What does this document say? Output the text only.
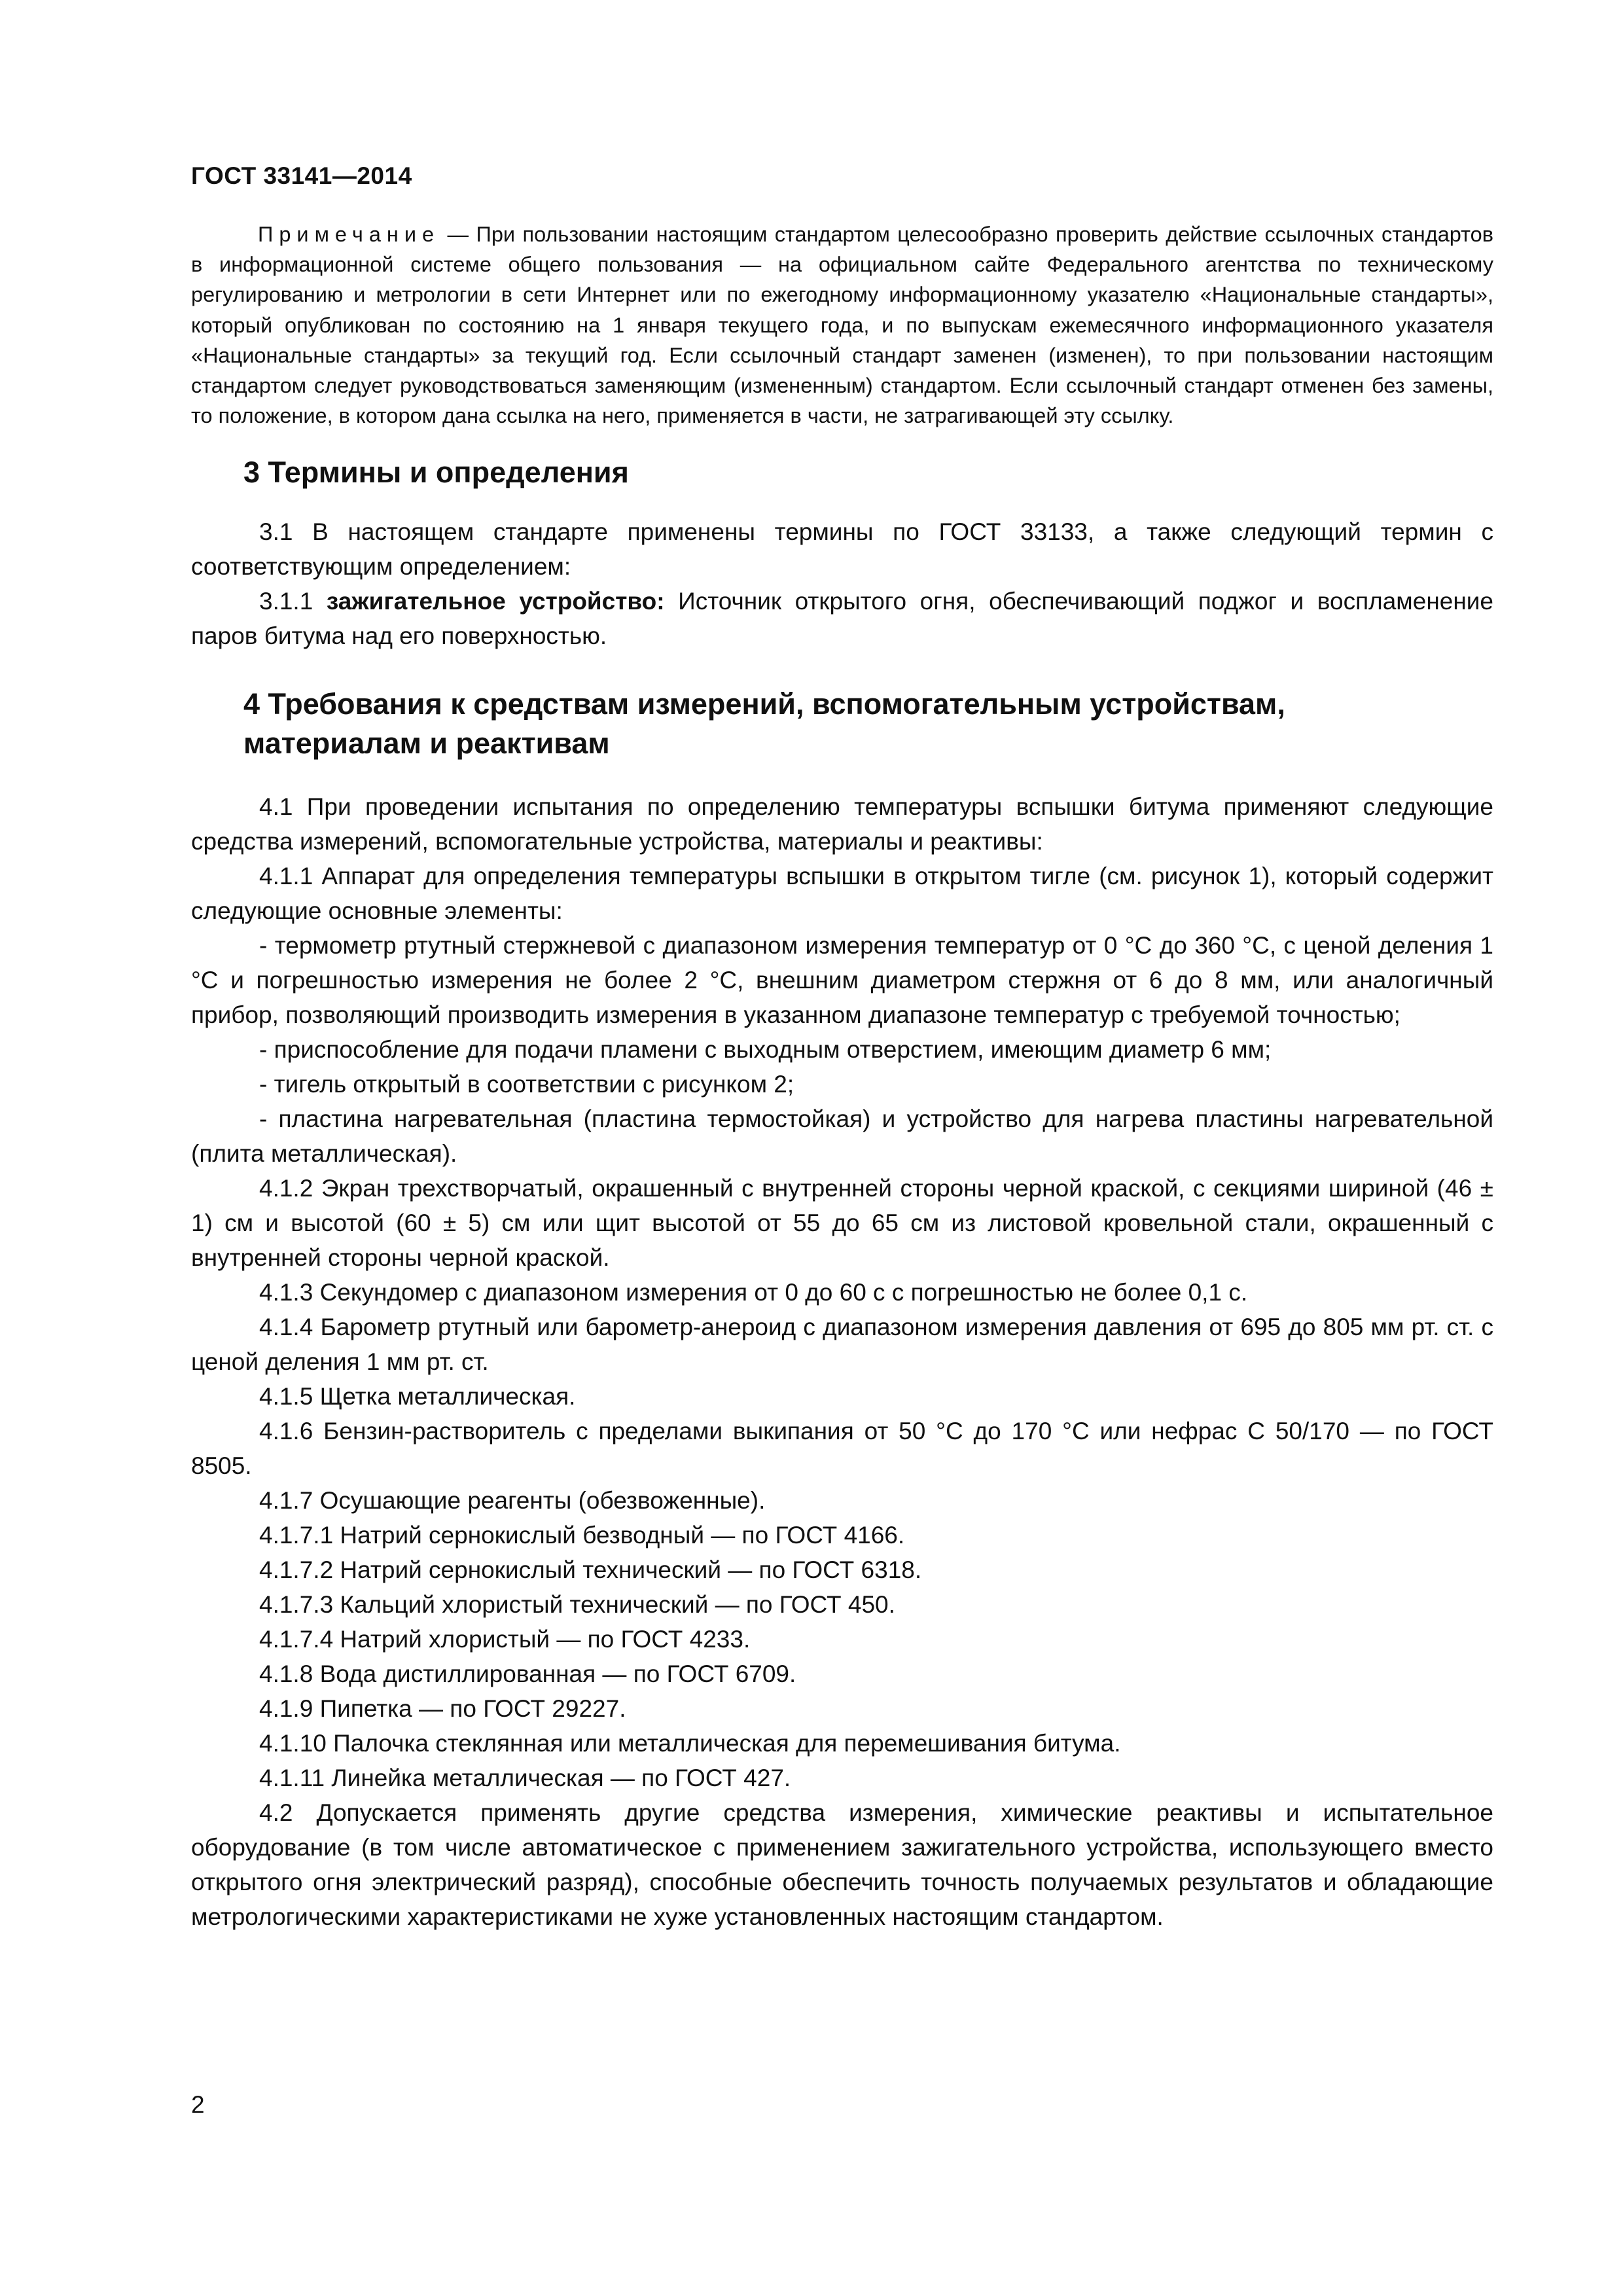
ГОСТ 33141—2014

Примечание — При пользовании настоящим стандартом целесообразно проверить действие ссылочных стандартов в информационной системе общего пользования — на официальном сайте Федерального агентства по техническому регулированию и метрологии в сети Интернет или по ежегодному информационному указателю «Национальные стандарты», который опубликован по состоянию на 1 января текущего года, и по выпускам ежемесячного информационного указателя «Национальные стандарты» за текущий год. Если ссылочный стандарт заменен (изменен), то при пользовании настоящим стандартом следует руководствоваться заменяющим (измененным) стандартом. Если ссылочный стандарт отменен без замены, то положение, в котором дана ссылка на него, применяется в части, не затрагивающей эту ссылку.

3 Термины и определения

3.1 В настоящем стандарте применены термины по ГОСТ 33133, а также следующий термин с соответствующим определением:

3.1.1 зажигательное устройство: Источник открытого огня, обеспечивающий поджог и воспламенение паров битума над его поверхностью.

4 Требования к средствам измерений, вспомогательным устройствам,
материалам и реактивам

4.1 При проведении испытания по определению температуры вспышки битума применяют следующие средства измерений, вспомогательные устройства, материалы и реактивы:

4.1.1 Аппарат для определения температуры вспышки в открытом тигле (см. рисунок 1), который содержит следующие основные элементы:

- термометр ртутный стержневой с диапазоном измерения температур от 0 °С до 360 °С, с ценой деления 1 °С и погрешностью измерения не более 2 °С, внешним диаметром стержня от 6 до 8 мм, или аналогичный прибор, позволяющий производить измерения в указанном диапазоне температур с требуемой точностью;

- приспособление для подачи пламени с выходным отверстием, имеющим диаметр 6 мм;

- тигель открытый в соответствии с рисунком 2;

- пластина нагревательная (пластина термостойкая) и устройство для нагрева пластины нагревательной (плита металлическая).

4.1.2 Экран трехстворчатый, окрашенный с внутренней стороны черной краской, с секциями шириной (46 ± 1) см и высотой (60 ± 5) см или щит высотой от 55 до 65 см из листовой кровельной стали, окрашенный с внутренней стороны черной краской.

4.1.3 Секундомер с диапазоном измерения от 0 до 60 с с погрешностью не более 0,1 с.

4.1.4 Барометр ртутный или барометр-анероид с диапазоном измерения давления от 695 до 805 мм рт. ст. с ценой деления 1 мм рт. ст.

4.1.5 Щетка металлическая.

4.1.6 Бензин-растворитель с пределами выкипания от 50 °С до 170 °С или нефрас С 50/170 — по ГОСТ 8505.

4.1.7 Осушающие реагенты (обезвоженные).

4.1.7.1 Натрий сернокислый безводный — по ГОСТ 4166.

4.1.7.2 Натрий сернокислый технический — по ГОСТ 6318.

4.1.7.3 Кальций хлористый технический — по ГОСТ 450.

4.1.7.4 Натрий хлористый — по ГОСТ 4233.

4.1.8 Вода дистиллированная — по ГОСТ 6709.

4.1.9 Пипетка — по ГОСТ 29227.

4.1.10 Палочка стеклянная или металлическая для перемешивания битума.

4.1.11 Линейка металлическая — по ГОСТ 427.

4.2 Допускается применять другие средства измерения, химические реактивы и испытательное оборудование (в том числе автоматическое с применением зажигательного устройства, использующего вместо открытого огня электрический разряд), способные обеспечить точность получаемых результатов и обладающие метрологическими характеристиками не хуже установленных настоящим стандартом.

2
